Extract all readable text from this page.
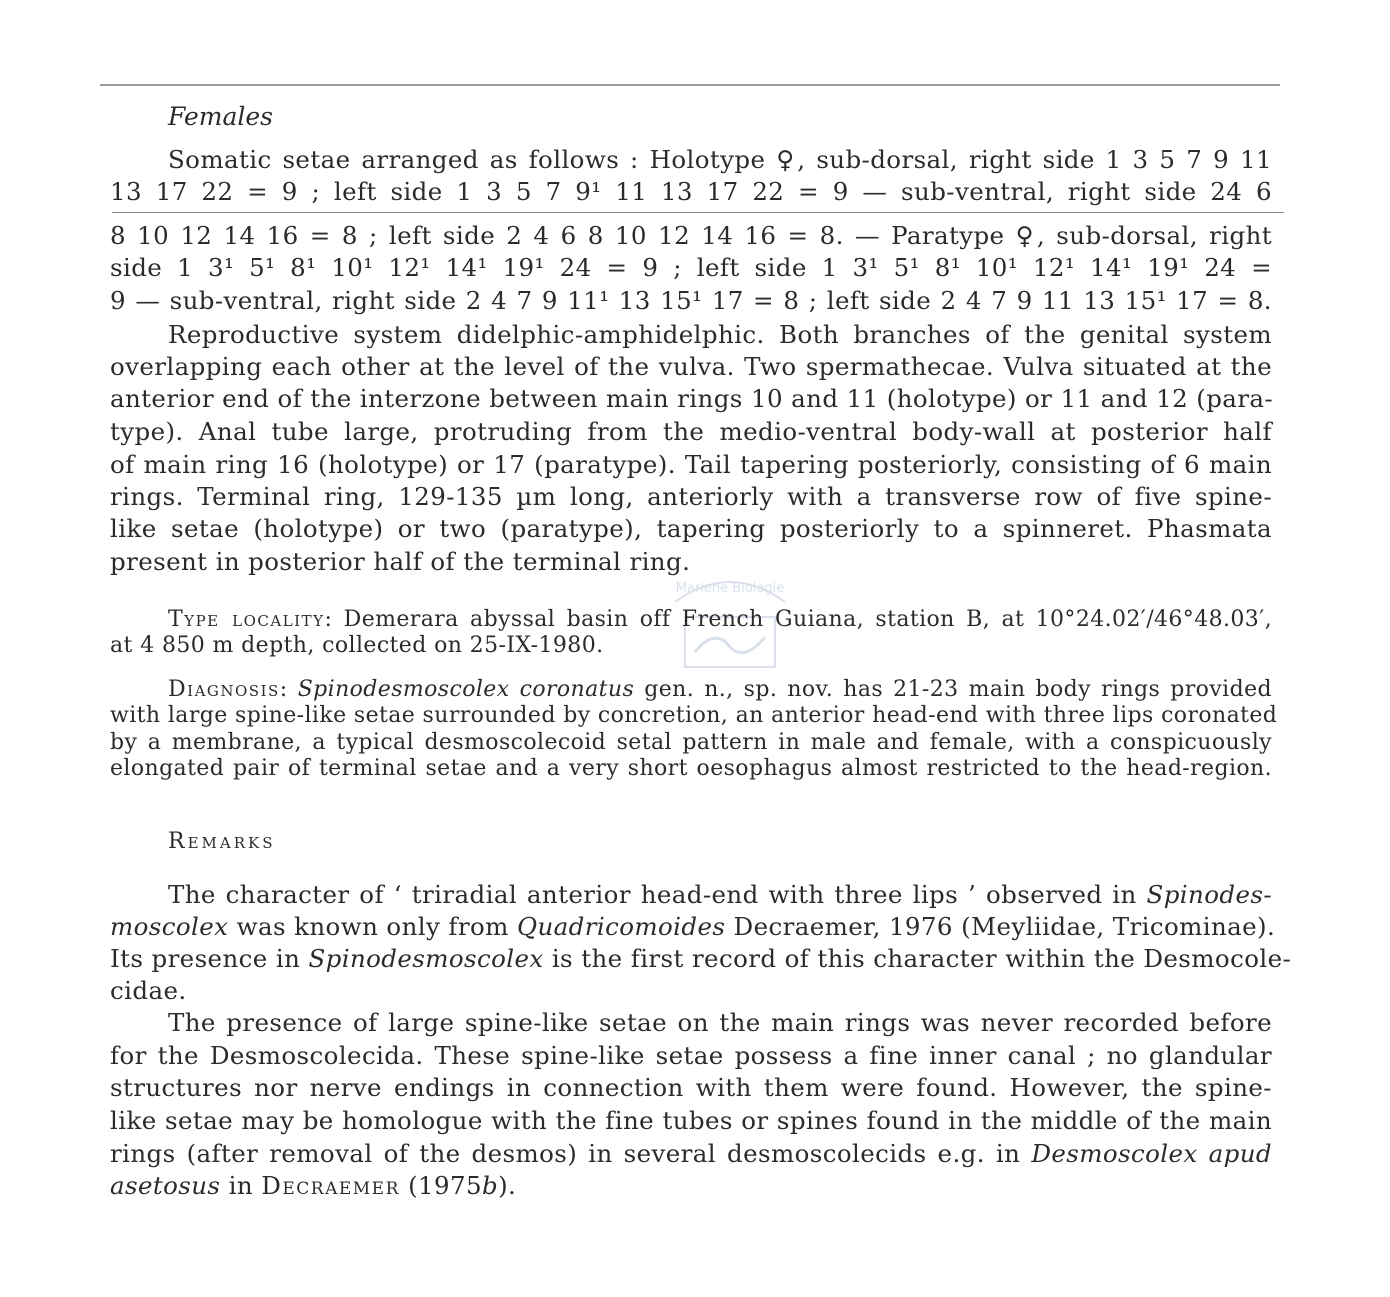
Females
Somatic setae arranged as follows : Holotype ♀, sub-dorsal, right side 1 3 5 7 9 11
13 17 22 = 9 ; left side 1 3 5 7 9¹ 11 13 17 22 = 9 — sub-ventral, right side 24 6
8 10 12 14 16 = 8 ; left side 2 4 6 8 10 12 14 16 = 8. — Paratype ♀, sub-dorsal, right
side 1 3¹ 5¹ 8¹ 10¹ 12¹ 14¹ 19¹ 24 = 9 ; left side 1 3¹ 5¹ 8¹ 10¹ 12¹ 14¹ 19¹ 24 =
9 — sub-ventral, right side 2 4 7 9 11¹ 13 15¹ 17 = 8 ; left side 2 4 7 9 11 13 15¹ 17 = 8.
Reproductive system didelphic-amphidelphic. Both branches of the genital system
overlapping each other at the level of the vulva. Two spermathecae. Vulva situated at the
anterior end of the interzone between main rings 10 and 11 (holotype) or 11 and 12 (para-
type). Anal tube large, protruding from the medio-ventral body-wall at posterior half
of main ring 16 (holotype) or 17 (paratype). Tail tapering posteriorly, consisting of 6 main
rings. Terminal ring, 129-135 µm long, anteriorly with a transverse row of five spine-
like setae (holotype) or two (paratype), tapering posteriorly to a spinneret. Phasmata
present in posterior half of the terminal ring.
Mariene Biologie
Type locality: Demerara abyssal basin off French Guiana, station B, at 10°24.02′/46°48.03′,
at 4 850 m depth, collected on 25-IX-1980.
Diagnosis: Spinodesmoscolex coronatus gen. n., sp. nov. has 21-23 main body rings provided
with large spine-like setae surrounded by concretion, an anterior head-end with three lips coronated
by a membrane, a typical desmoscolecoid setal pattern in male and female, with a conspicuously
elongated pair of terminal setae and a very short oesophagus almost restricted to the head-region.
Remarks
The character of ‘ triradial anterior head-end with three lips ’ observed in Spinodes-
moscolex was known only from Quadricomoides Decraemer, 1976 (Meyliidae, Tricominae).
Its presence in Spinodesmoscolex is the first record of this character within the Desmocole-
cidae.
The presence of large spine-like setae on the main rings was never recorded before
for the Desmoscolecida. These spine-like setae possess a fine inner canal ; no glandular
structures nor nerve endings in connection with them were found. However, the spine-
like setae may be homologue with the fine tubes or spines found in the middle of the main
rings (after removal of the desmos) in several desmoscolecids e.g. in Desmoscolex apud
asetosus in Decraemer (1975b).
